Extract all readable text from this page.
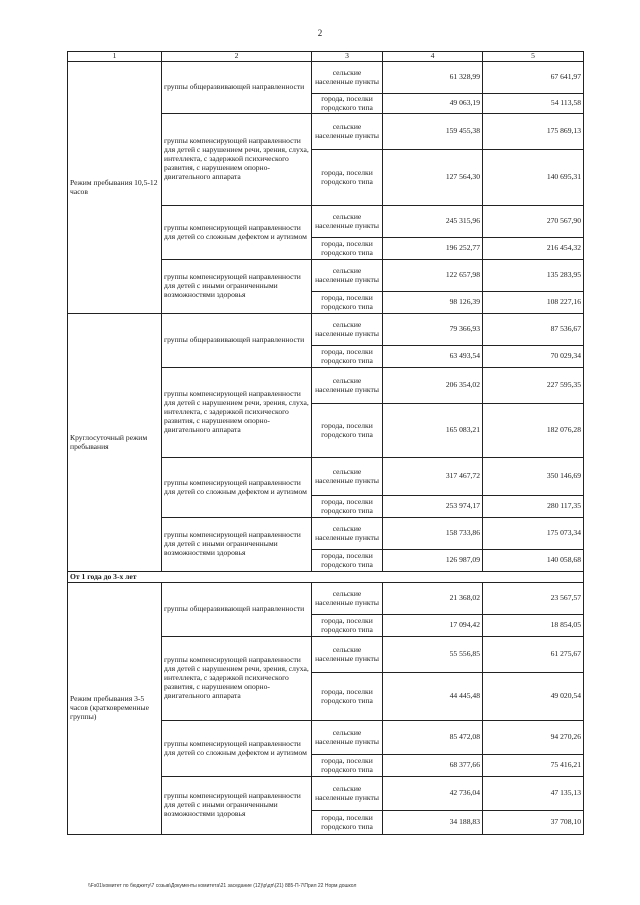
2
1	2	3	4	5
Режим пребывания 10,5-12 часов	группы общеразвивающей направленности	сельские населенные пункты	61 328,99	67 641,97
		города, поселки городского типа	49 063,19	54 113,58
	группы компенсирующей направленности для детей с нарушением речи, зрения, слуха, интеллекта, с задержкой психического развития, с нарушением опорно-двигательного аппарата	сельские населенные пункты	159 455,38	175 869,13
		города, поселки городского типа	127 564,30	140 695,31
	группы компенсирующей направленности для детей со сложным дефектом и аутизмом	сельские населенные пункты	245 315,96	270 567,90
		города, поселки городского типа	196 252,77	216 454,32
	группы компенсирующей направленности для детей с иными ограниченными возможностями здоровья	сельские населенные пункты	122 657,98	135 283,95
		города, поселки городского типа	98 126,39	108 227,16
Круглосуточный режим пребывания	группы общеразвивающей направленности	сельские населенные пункты	79 366,93	87 536,67
		города, поселки городского типа	63 493,54	70 029,34
	группы компенсирующей направленности для детей с нарушением речи, зрения, слуха, интеллекта, с задержкой психического развития, с нарушением опорно-двигательного аппарата	сельские населенные пункты	206 354,02	227 595,35
		города, поселки городского типа	165 083,21	182 076,28
	группы компенсирующей направленности для детей со сложным дефектом и аутизмом	сельские населенные пункты	317 467,72	350 146,69
		города, поселки городского типа	253 974,17	280 117,35
	группы компенсирующей направленности для детей с иными ограниченными возможностями здоровья	сельские населенные пункты	158 733,86	175 073,34
		города, поселки городского типа	126 987,09	140 058,68
От 1 года до 3-х лет				
Режим пребывания 3-5 часов (кратковременные группы)	группы общеразвивающей направленности	сельские населенные пункты	21 368,02	23 567,57
		города, поселки городского типа	17 094,42	18 854,05
	группы компенсирующей направленности для детей с нарушением речи, зрения, слуха, интеллекта, с задержкой психического развития, с нарушением опорно-двигательного аппарата	сельские населенные пункты	55 556,85	61 275,67
		города, поселки городского типа	44 445,48	49 020,54
	группы компенсирующей направленности для детей со сложным дефектом и аутизмом	сельские населенные пункты	85 472,08	94 270,26
		города, поселки городского типа	68 377,66	75 416,21
	группы компенсирующей направленности для детей с иными ограниченными возможностями здоровья	сельские населенные пункты	42 736,04	47 135,13
		города, поселки городского типа	34 188,83	37 708,10
\\Fs01\комитет по бюджету\7 созыв\Документы комитета\21 заседание (12)\р\дп\(21) 885-П-7\Прил 22 Норм дошкол
